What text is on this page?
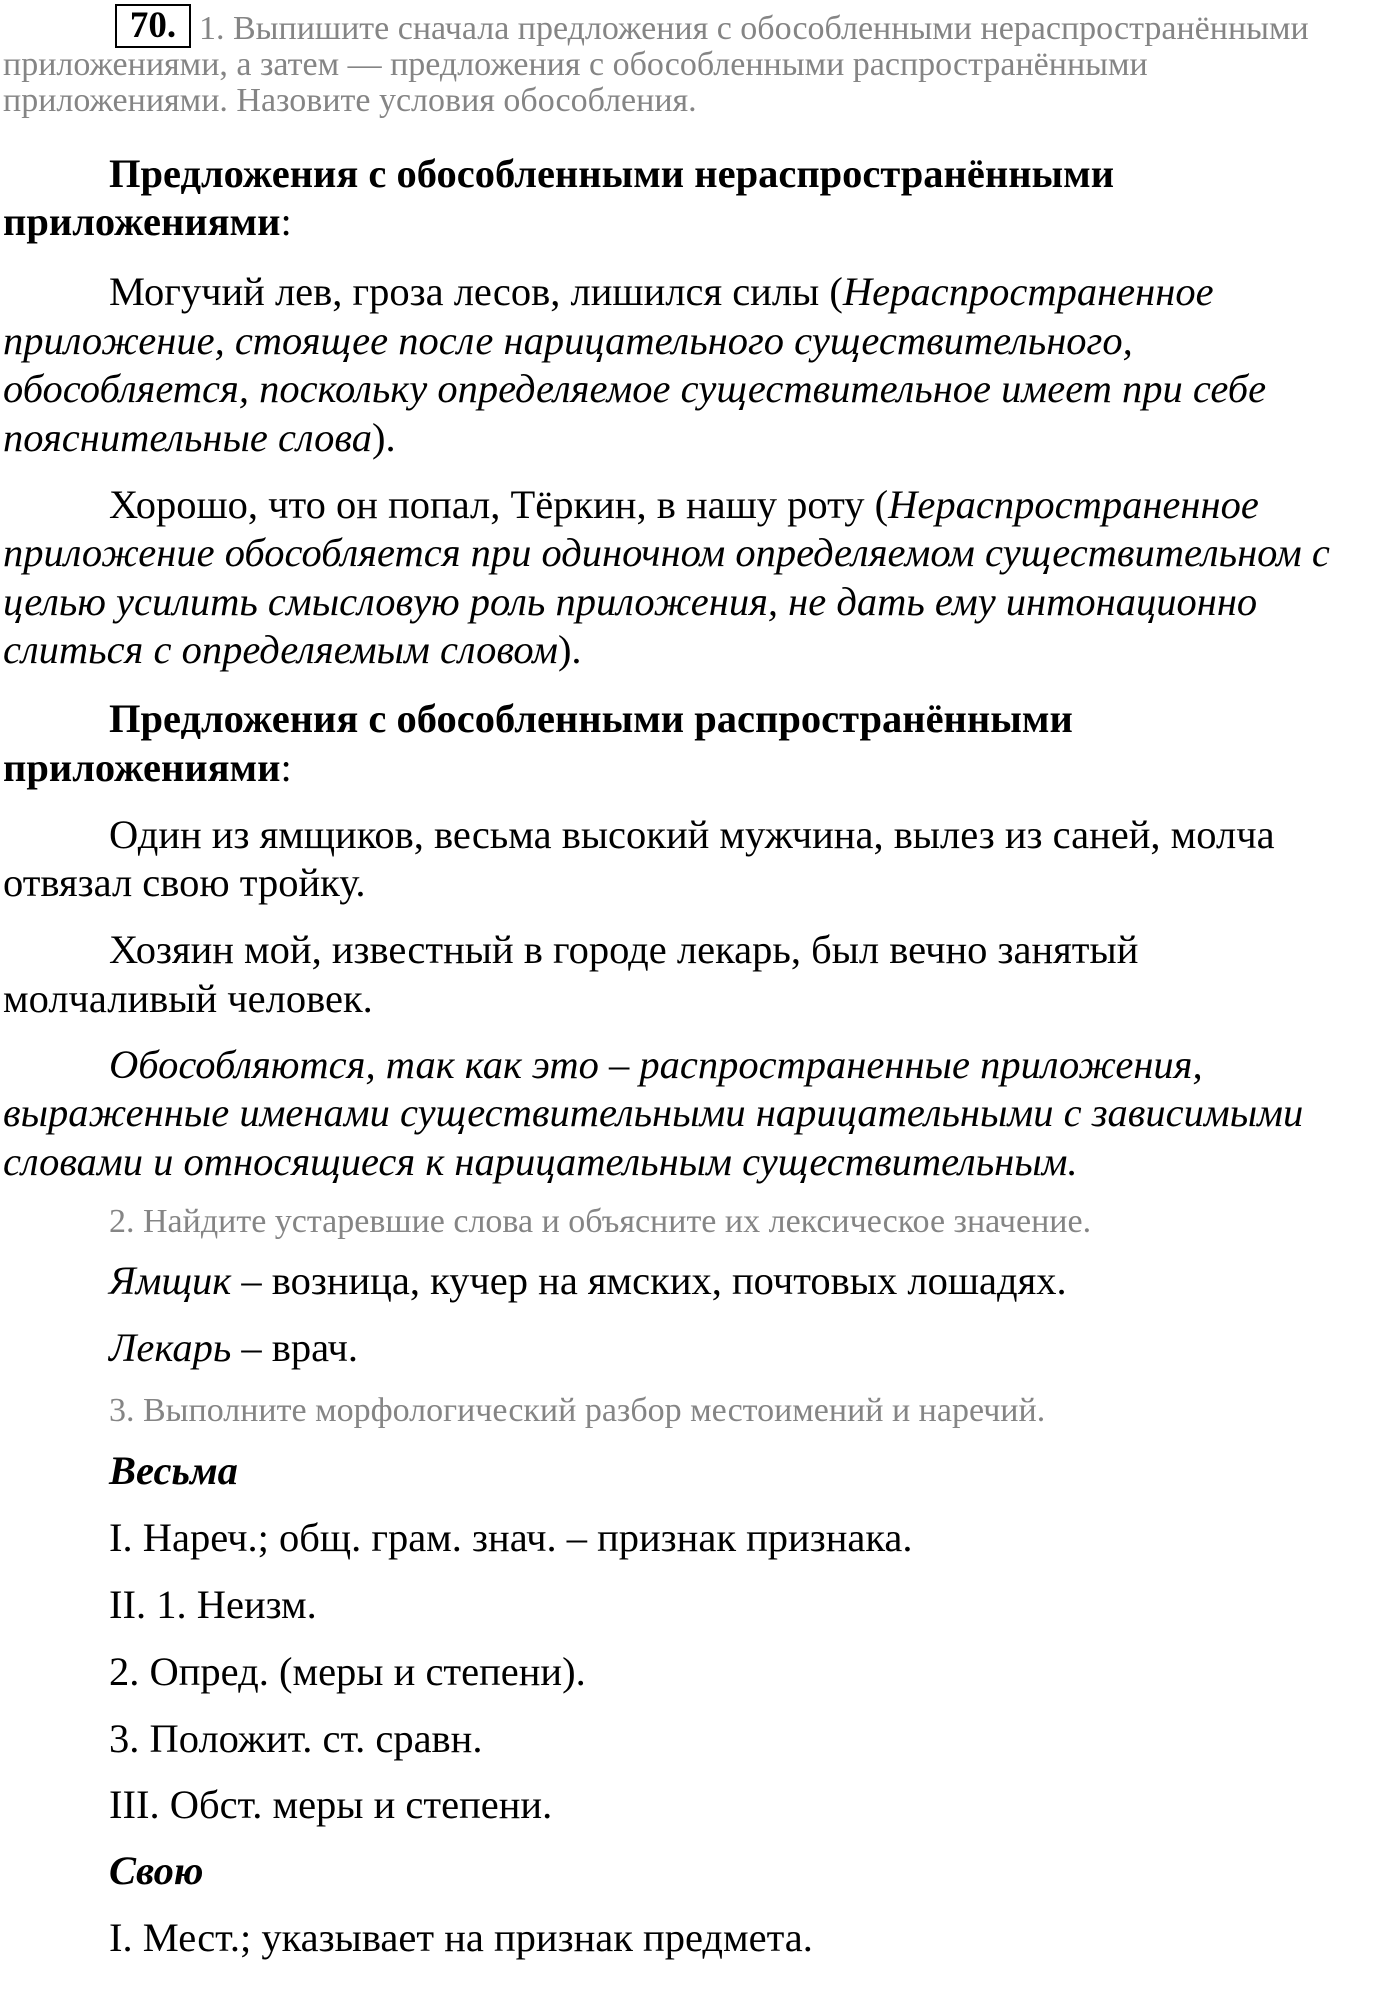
70. 1. Выпишите сначала предложения с обособленными нераспространёнными
приложениями, а затем — предложения с обособленными распространёнными
приложениями. Назовите условия обособления.
Предложения с обособленными нераспространёнными
приложениями:
Могучий лев, гроза лесов, лишился силы (Нераспространенное
приложение, стоящее после нарицательного существительного,
обособляется, поскольку определяемое существительное имеет при себе
пояснительные слова).
Хорошо, что он попал, Тёркин, в нашу роту (Нераспространенное
приложение обособляется при одиночном определяемом существительном с
целью усилить смысловую роль приложения, не дать ему интонационно
слиться с определяемым словом).
Предложения с обособленными распространёнными
приложениями:
Один из ямщиков, весьма высокий мужчина, вылез из саней, молча
отвязал свою тройку.
Хозяин мой, известный в городе лекарь, был вечно занятый
молчаливый человек.
Обособляются, так как это – распространенные приложения,
выраженные именами существительными нарицательными с зависимыми
словами и относящиеся к нарицательным существительным.
2. Найдите устаревшие слова и объясните их лексическое значение.
Ямщик – возница, кучер на ямских, почтовых лошадях.
Лекарь – врач.
3. Выполните морфологический разбор местоимений и наречий.
Весьма
I. Нареч.; общ. грам. знач. – признак признака.
II. 1. Неизм.
2. Опред. (меры и степени).
3. Положит. ст. сравн.
III. Обст. меры и степени.
Свою
I. Мест.; указывает на признак предмета.
